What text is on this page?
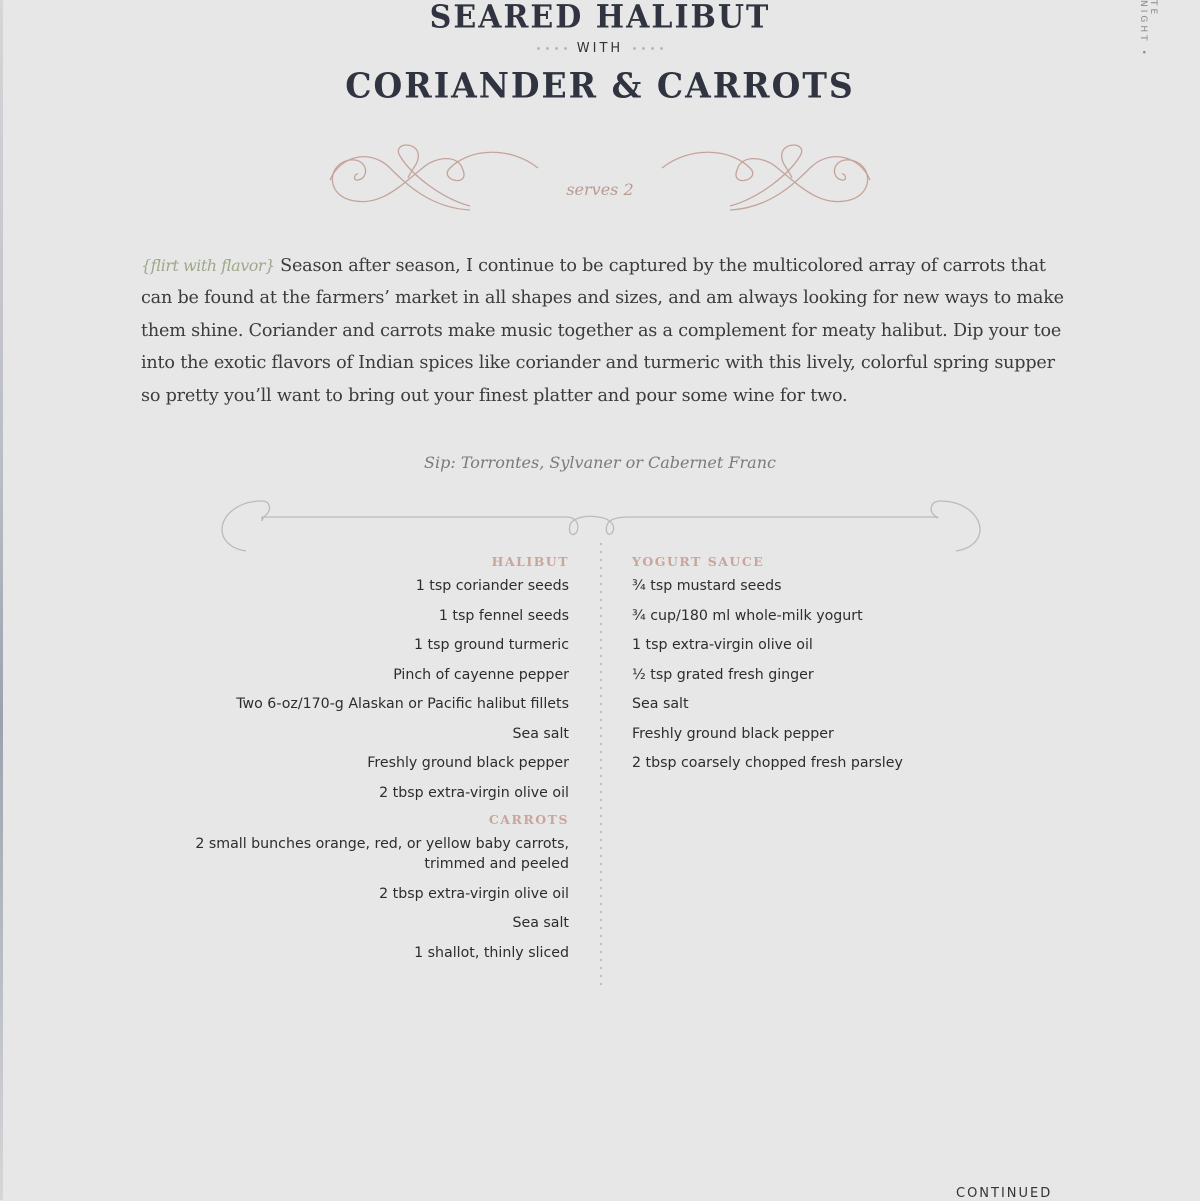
TE NIGHT •
SEARED HALIBUT
WITH
CORIANDER & CARROTS
serves 2

{flirt with flavor} Season after season, I continue to be captured by the multicolored array of carrots that can be found at the farmers’ market in all shapes and sizes, and am always looking for new ways to make them shine. Coriander and carrots make music together as a complement for meaty halibut. Dip your toe into the exotic flavors of Indian spices like coriander and turmeric with this lively, colorful spring supper so pretty you’ll want to bring out your finest platter and pour some wine for two.

Sip: Torrontes, Sylvaner or Cabernet Franc
HALIBUT
1 tsp coriander seeds
1 tsp fennel seeds
1 tsp ground turmeric
Pinch of cayenne pepper
Two 6-oz/170-g Alaskan or Pacific halibut fillets
Sea salt
Freshly ground black pepper
2 tbsp extra-virgin olive oil
CARROTS
2 small bunches orange, red, or yellow baby carrots, trimmed and peeled
2 tbsp extra-virgin olive oil
Sea salt
1 shallot, thinly sliced
YOGURT SAUCE
¾ tsp mustard seeds
¾ cup/180 ml whole-milk yogurt
1 tsp extra-virgin olive oil
½ tsp grated fresh ginger
Sea salt
Freshly ground black pepper
2 tbsp coarsely chopped fresh parsley
CONTINUED
